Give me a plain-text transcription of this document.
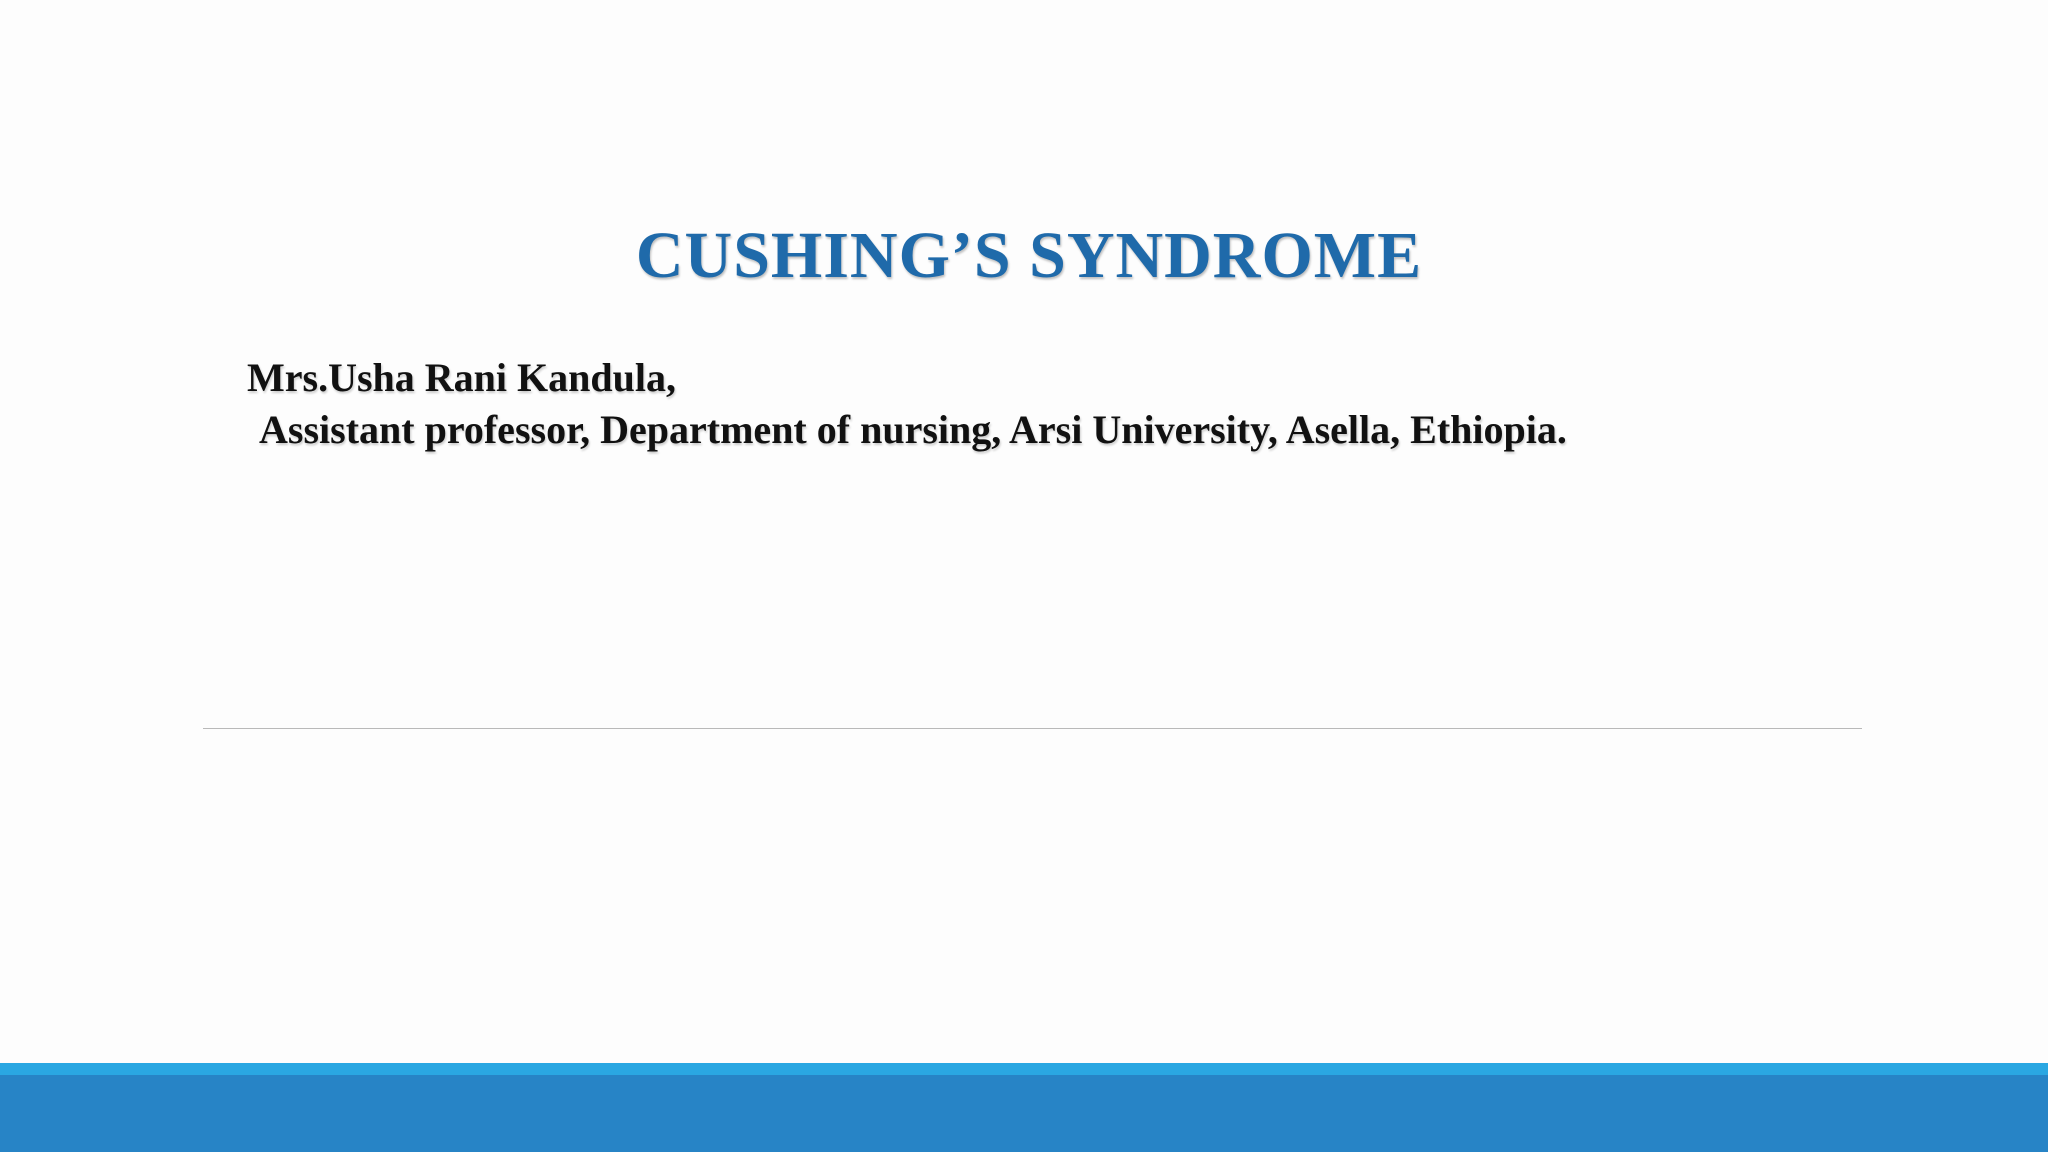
CUSHING’S SYNDROME
Mrs.Usha Rani Kandula,
Assistant professor, Department of nursing, Arsi University, Asella, Ethiopia.
